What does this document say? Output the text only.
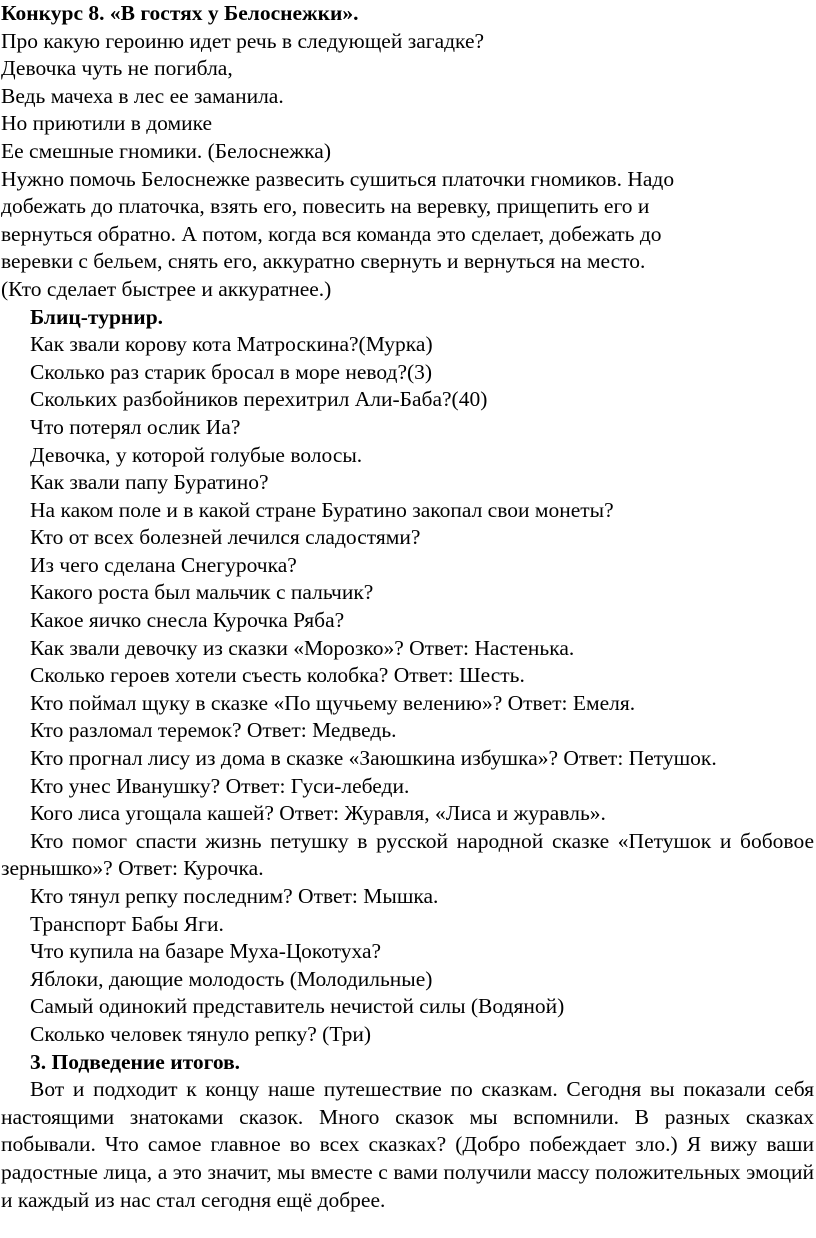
Конкурс 8. «В гостях у Белоснежки».

Про какую героиню идет речь в следующей загадке?

Девочка чуть не погибла,

Ведь мачеха в лес ее заманила.

Но приютили в домике

Ее смешные гномики. (Белоснежка)

Нужно помочь Белоснежке развесить сушиться платочки гномиков. Надо

добежать до платочка, взять его, повесить на веревку, прищепить его и

вернуться обратно. А потом, когда вся команда это сделает, добежать до

веревки с бельем, снять его, аккуратно свернуть и вернуться на место.

(Кто сделает быстрее и аккуратнее.)

Блиц-турнир.

Как звали корову кота Матроскина?(Мурка)

Сколько раз старик бросал в море невод?(3)

Скольких разбойников перехитрил Али-Баба?(40)

Что потерял ослик Иа?

Девочка, у которой голубые волосы.

Как звали папу Буратино?

На каком поле и в какой стране Буратино закопал свои монеты?

Кто от всех болезней лечился сладостями?

Из чего сделана Снегурочка?

Какого роста был мальчик с пальчик?

Какое яичко снесла Курочка Ряба?

Как звали девочку из сказки «Морозко»? Ответ: Настенька.

Сколько героев хотели съесть колобка? Ответ: Шесть.

Кто поймал щуку в сказке «По щучьему велению»? Ответ: Емеля.

Кто разломал теремок? Ответ: Медведь.

Кто прогнал лису из дома в сказке «Заюшкина избушка»? Ответ: Петушок.

Кто унес Иванушку? Ответ: Гуси-лебеди.

Кого лиса угощала кашей? Ответ: Журавля, «Лиса и журавль».

Кто помог спасти жизнь петушку в русской народной сказке «Петушок и бобовое зернышко»? Ответ: Курочка.

Кто тянул репку последним? Ответ: Мышка.

Транспорт Бабы Яги.

Что купила на базаре Муха-Цокотуха?

Яблоки, дающие молодость (Молодильные)

Самый одинокий представитель нечистой силы (Водяной)

Сколько человек тянуло репку? (Три)

3. Подведение итогов.

Вот и подходит к концу наше путешествие по сказкам. Сегодня вы показали себя настоящими знатоками сказок. Много сказок мы вспомнили. В разных сказках побывали. Что самое главное во всех сказках? (Добро побеждает зло.) Я вижу ваши радостные лица, а это значит, мы вместе с вами получили массу положительных эмоций и каждый из нас стал сегодня ещё добрее.
